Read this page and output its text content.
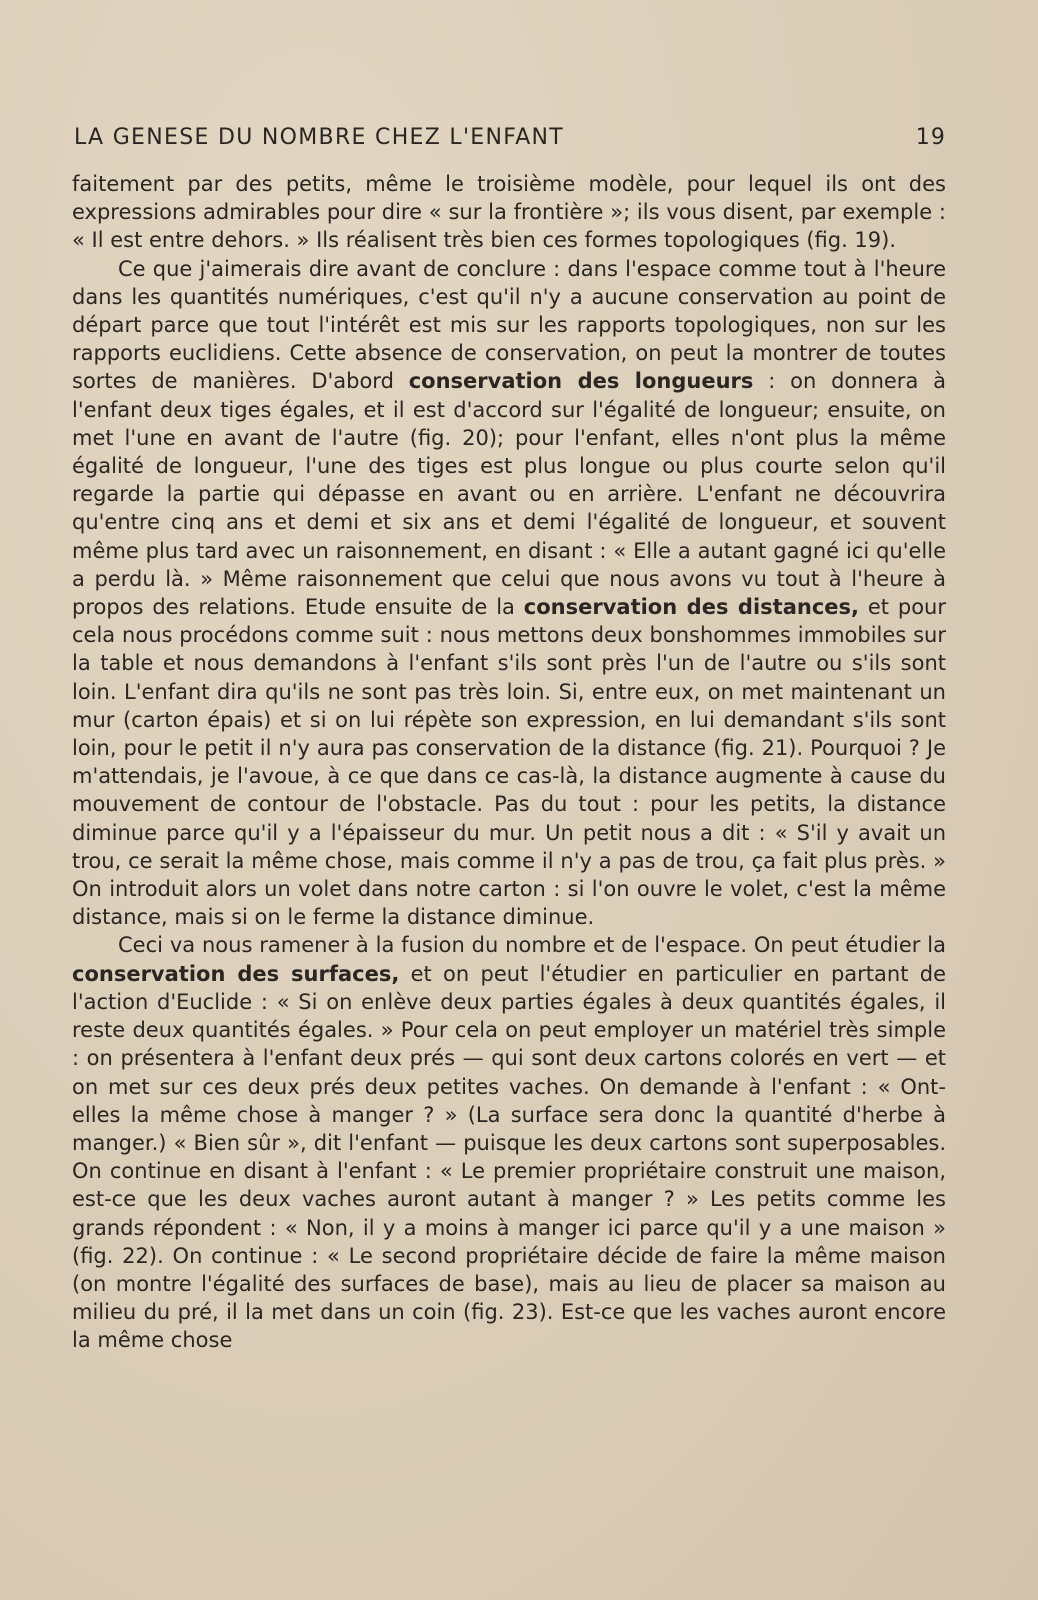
LA GENESE DU NOMBRE CHEZ L'ENFANT	19

faitement par des petits, même le troisième modèle, pour lequel ils ont des expressions admirables pour dire « sur la frontière »; ils vous disent, par exemple : « Il est entre dehors. » Ils réalisent très bien ces formes topologiques (fig. 19).

Ce que j'aimerais dire avant de conclure : dans l'espace comme tout à l'heure dans les quantités numériques, c'est qu'il n'y a aucune conservation au point de départ parce que tout l'intérêt est mis sur les rapports topologiques, non sur les rapports euclidiens. Cette absence de conservation, on peut la montrer de toutes sortes de manières. D'abord conservation des longueurs : on donnera à l'enfant deux tiges égales, et il est d'accord sur l'égalité de longueur; ensuite, on met l'une en avant de l'autre (fig. 20); pour l'enfant, elles n'ont plus la même égalité de longueur, l'une des tiges est plus longue ou plus courte selon qu'il regarde la partie qui dépasse en avant ou en arrière. L'enfant ne découvrira qu'entre cinq ans et demi et six ans et demi l'égalité de longueur, et souvent même plus tard avec un raisonnement, en disant : « Elle a autant gagné ici qu'elle a perdu là. » Même raisonnement que celui que nous avons vu tout à l'heure à propos des relations. Etude ensuite de la conservation des distances, et pour cela nous procédons comme suit : nous mettons deux bonshommes immobiles sur la table et nous demandons à l'enfant s'ils sont près l'un de l'autre ou s'ils sont loin. L'enfant dira qu'ils ne sont pas très loin. Si, entre eux, on met maintenant un mur (carton épais) et si on lui répète son expression, en lui demandant s'ils sont loin, pour le petit il n'y aura pas conservation de la distance (fig. 21). Pourquoi ? Je m'attendais, je l'avoue, à ce que dans ce cas-là, la distance augmente à cause du mouvement de contour de l'obstacle. Pas du tout : pour les petits, la distance diminue parce qu'il y a l'épaisseur du mur. Un petit nous a dit : « S'il y avait un trou, ce serait la même chose, mais comme il n'y a pas de trou, ça fait plus près. » On introduit alors un volet dans notre carton : si l'on ouvre le volet, c'est la même distance, mais si on le ferme la distance diminue.

Ceci va nous ramener à la fusion du nombre et de l'espace. On peut étudier la conservation des surfaces, et on peut l'étudier en particulier en partant de l'action d'Euclide : « Si on enlève deux parties égales à deux quantités égales, il reste deux quantités égales. » Pour cela on peut employer un matériel très simple : on présentera à l'enfant deux prés — qui sont deux cartons colorés en vert — et on met sur ces deux prés deux petites vaches. On demande à l'enfant : « Ont-elles la même chose à manger ? » (La surface sera donc la quantité d'herbe à manger.) « Bien sûr », dit l'enfant — puisque les deux cartons sont superposables. On continue en disant à l'enfant : « Le premier propriétaire construit une maison, est-ce que les deux vaches auront autant à manger ? » Les petits comme les grands répondent : « Non, il y a moins à manger ici parce qu'il y a une maison » (fig. 22). On continue : « Le second propriétaire décide de faire la même maison (on montre l'égalité des surfaces de base), mais au lieu de placer sa maison au milieu du pré, il la met dans un coin (fig. 23). Est-ce que les vaches auront encore la même chose
